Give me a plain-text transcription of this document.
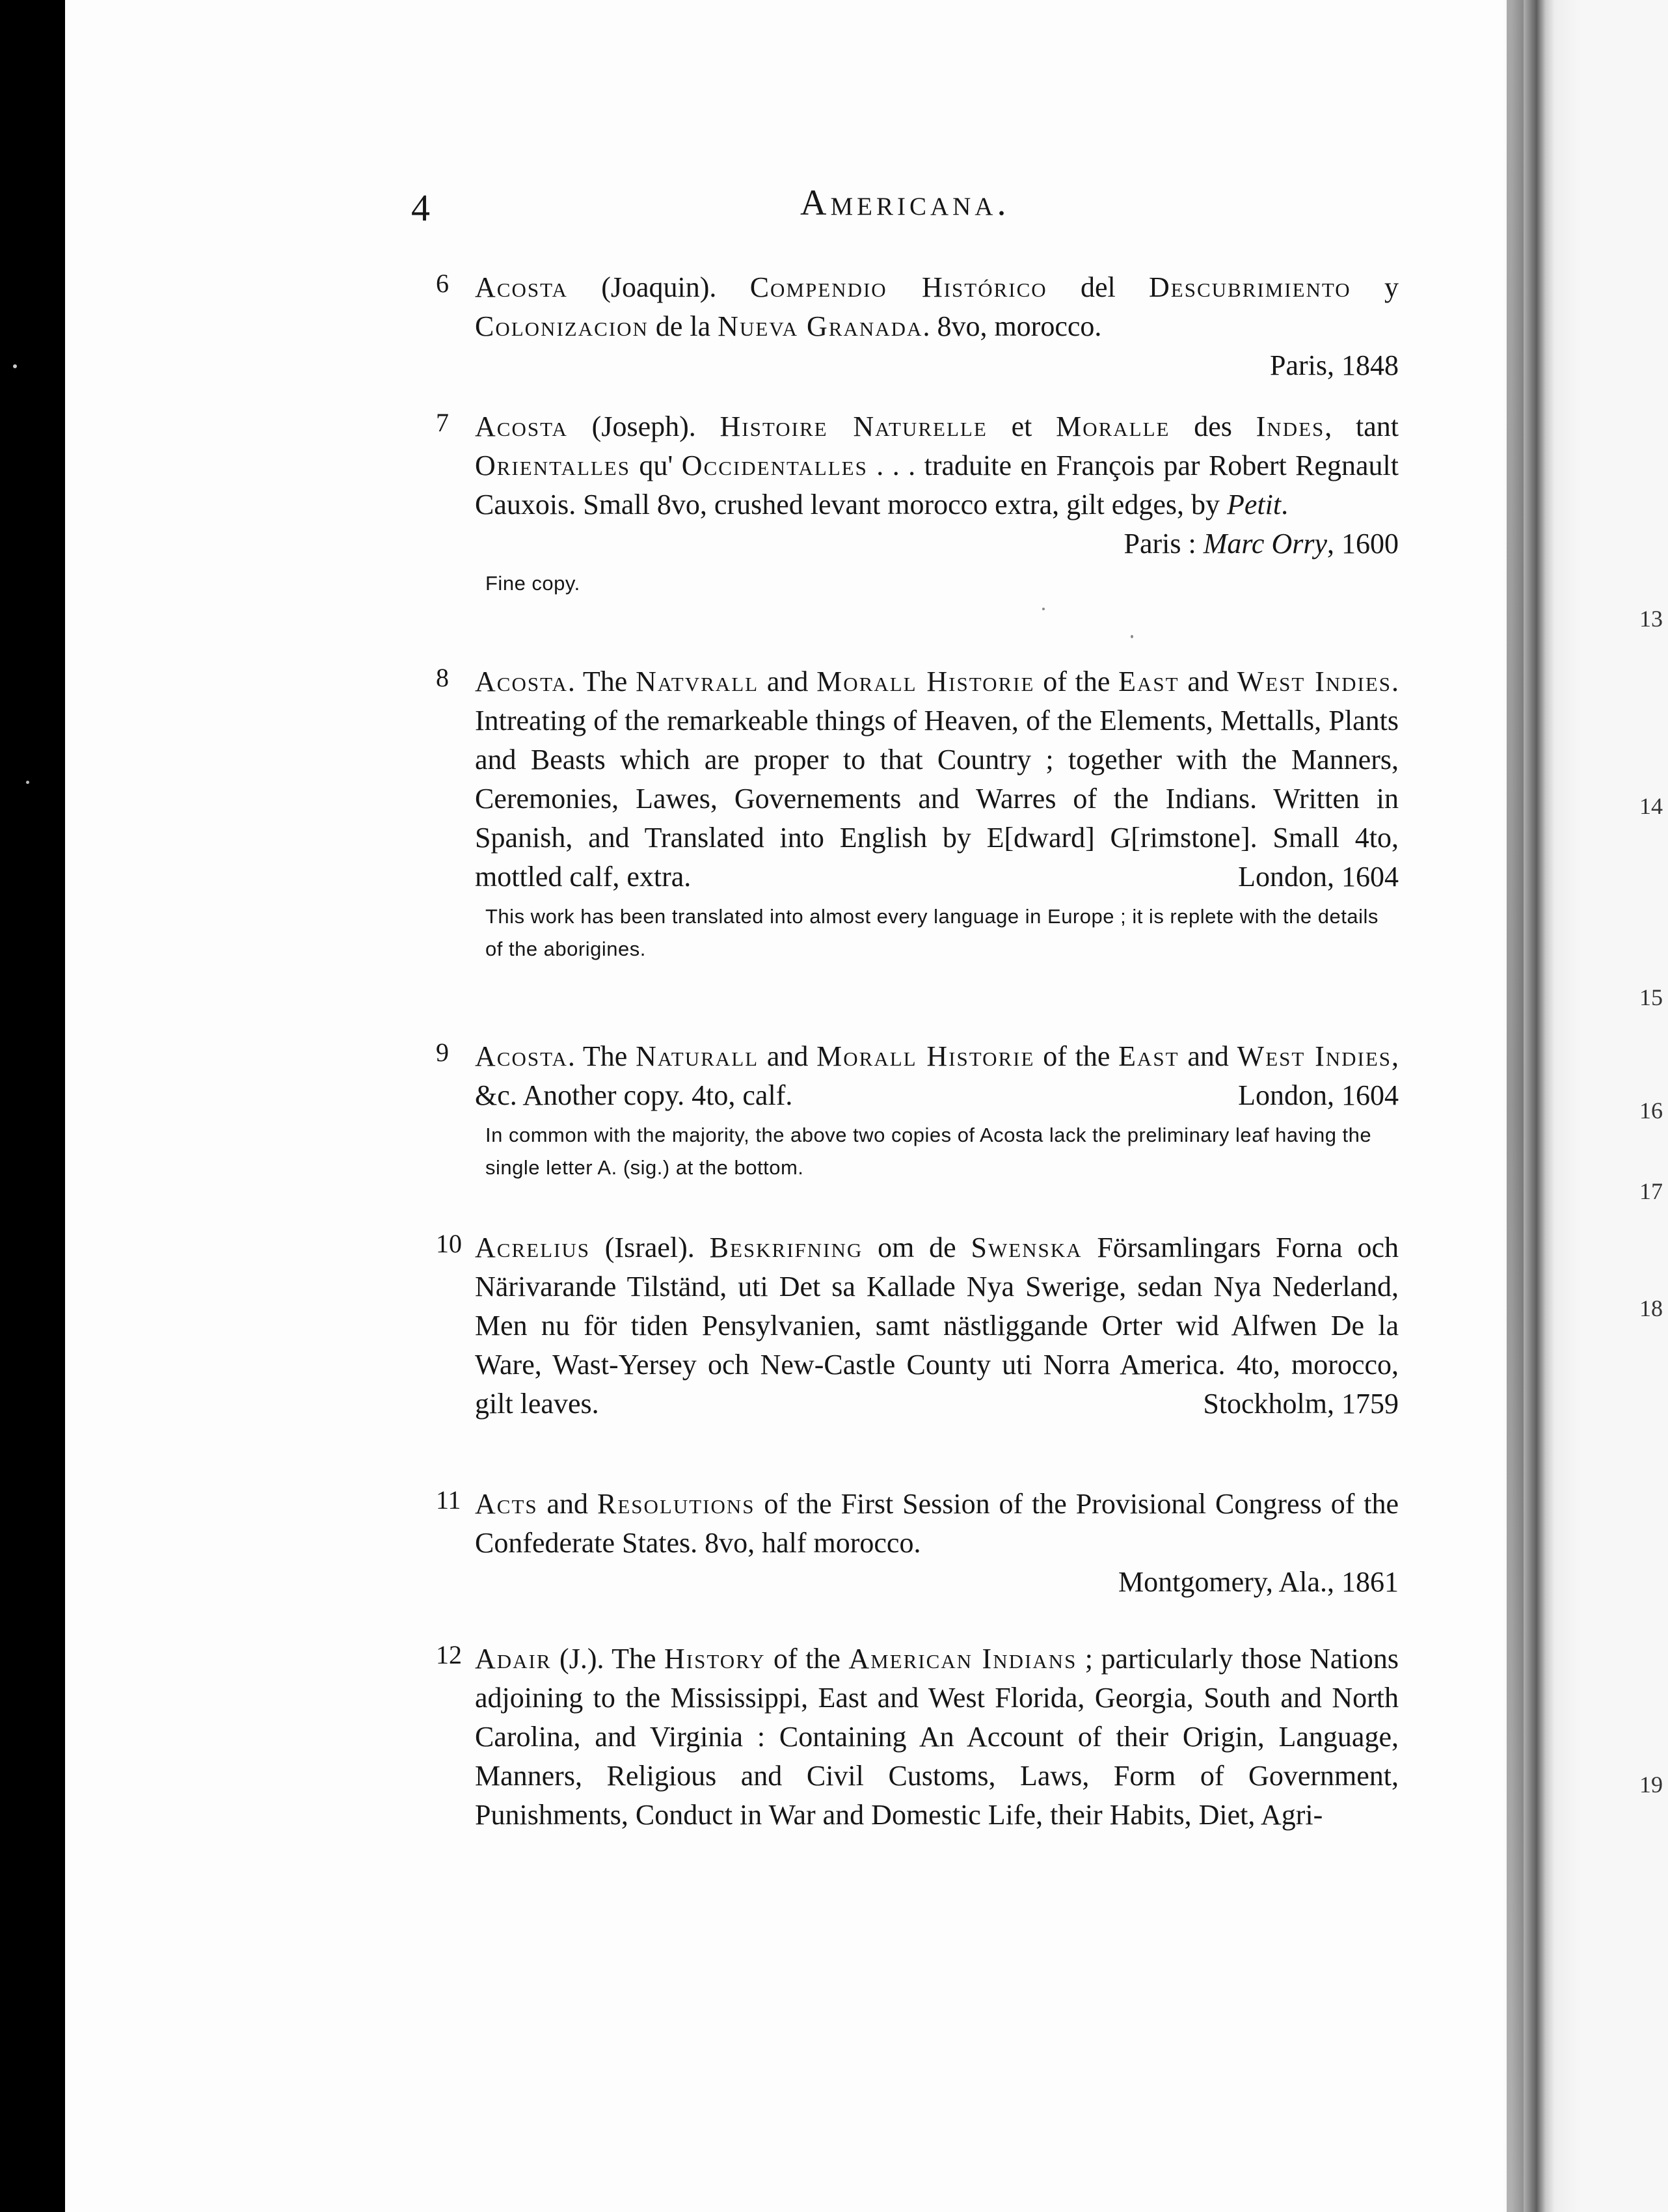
13
14
15
16
17
18
19
4	Americana.
6 Acosta (Joaquin). Compendio Histórico del Descubrimiento y Colonizacion de la Nueva Granada. 8vo, morocco.

Paris, 1848

7 Acosta (Joseph). Histoire Naturelle et Moralle des Indes, tant Orientalles qu' Occidentalles . . . traduite en François par Robert Regnault Cauxois. Small 8vo, crushed levant morocco extra, gilt edges, by Petit.

Paris : Marc Orry, 1600

Fine copy.
8 Acosta. The Natvrall and Morall Historie of the East and West Indies. Intreating of the remarkeable things of Heaven, of the Elements, Mettalls, Plants and Beasts which are proper to that Country ; together with the Manners, Ceremonies, Lawes, Governements and Warres of the Indians. Written in Spanish, and Translated into English by E[dward] G[rimstone]. Small 4to, mottled calf, extra.	London, 1604

This work has been translated into almost every language in Europe ; it is replete with the details of the aborigines.
9 Acosta. The Naturall and Morall Historie of the East and West Indies, &c. Another copy. 4to, calf.	London, 1604

In common with the majority, the above two copies of Acosta lack the preliminary leaf having the single letter A. (sig.) at the bottom.
10 Acrelius (Israel). Beskrifning om de Swenska Församlingars Forna och Närivarande Tilständ, uti Det sa Kallade Nya Swerige, sedan Nya Nederland, Men nu för tiden Pensylvanien, samt nästliggande Orter wid Alfwen De la Ware, Wast-Yersey och New-Castle County uti Norra America. 4to, morocco, gilt leaves.	Stockholm, 1759

11 Acts and Resolutions of the First Session of the Provisional Congress of the Confederate States. 8vo, half morocco.

Montgomery, Ala., 1861

12 Adair (J.). The History of the American Indians ; particularly those Nations adjoining to the Mississippi, East and West Florida, Georgia, South and North Carolina, and Virginia : Containing An Account of their Origin, Language, Manners, Religious and Civil Customs, Laws, Form of Government, Punishments, Conduct in War and Domestic Life, their Habits, Diet, Agri-
